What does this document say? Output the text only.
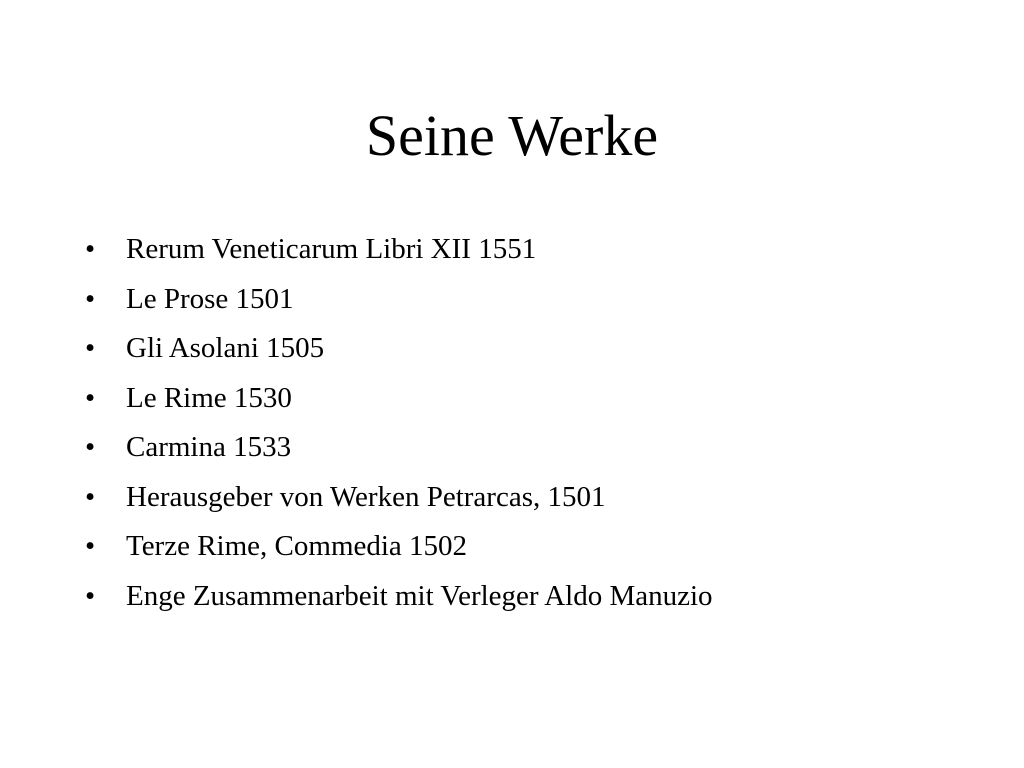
Seine Werke
•	Rerum Veneticarum Libri XII 1551
•	Le Prose 1501
•	Gli Asolani 1505
•	Le Rime 1530
•	Carmina 1533
•	Herausgeber von Werken Petrarcas, 1501
•	Terze Rime, Commedia 1502
•	Enge Zusammenarbeit mit Verleger Aldo Manuzio
